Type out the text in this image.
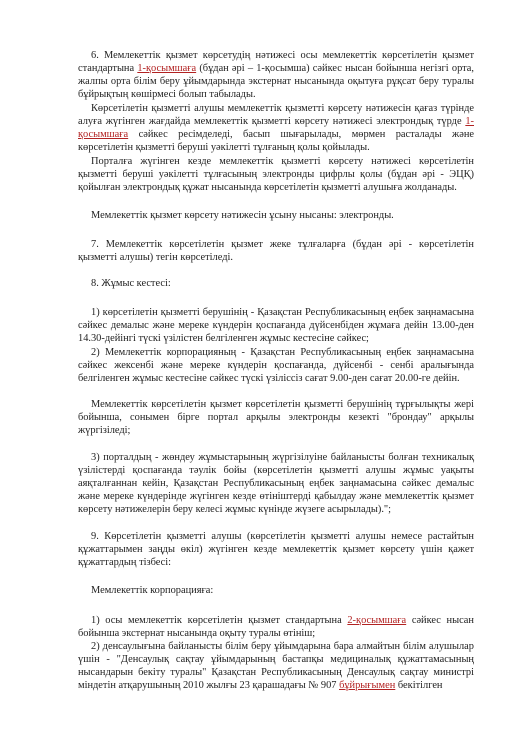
6. Мемлекеттік қызмет көрсетудің нәтижесі осы мемлекеттік көрсетілетін қызмет стандартына 1-қосымшаға (бұдан әрі – 1-қосымша) сәйкес нысан бойынша негізгі орта, жалпы орта білім беру ұйымдарында экстернат нысанында оқытуға рұқсат беру туралы бұйрықтың көшірмесі болып табылады.

Көрсетілетін қызметті алушы мемлекеттік қызметті көрсету нәтижесін қағаз түрінде алуға жүгінген жағдайда мемлекеттік қызметті көрсету нәтижесі электрондық түрде 1-қосымшаға сәйкес ресімделеді, басып шығарылады, мөрмен расталады және көрсетілетін қызметті беруші уәкілетті тұлғаның қолы қойылады.

Порталға жүгінген кезде мемлекеттік қызметті көрсету нәтижесі көрсетілетін қызметті беруші уәкілетті тұлғасының электронды цифрлы қолы (бұдан әрі - ЭЦҚ) қойылған электрондық құжат нысанында көрсетілетін қызметті алушыға жолданады.

Мемлекеттік қызмет көрсету нәтижесін ұсыну нысаны: электронды.

7. Мемлекеттік көрсетілетін қызмет жеке тұлғаларға (бұдан әрі - көрсетілетін қызметті алушы) тегін көрсетіледі.

8. Жұмыс кестесі:

1) көрсетілетін қызметті берушінің - Қазақстан Республикасының еңбек заңнамасына сәйкес демалыс және мереке күндерін қоспағанда дүйсенбіден жұмаға дейін 13.00-ден 14.30-дейінгі түскі үзілістен белгіленген жұмыс кестесіне сәйкес;

2) Мемлекеттік корпорацияның - Қазақстан Республикасының еңбек заңнамасына сәйкес жексенбі және мереке күндерін қоспағанда, дүйсенбі - сенбі аралығында белгіленген жұмыс кестесіне сәйкес түскі үзіліссіз сағат 9.00-ден сағат 20.00-ге дейін.

Мемлекеттік көрсетілетін қызмет көрсетілетін қызметті берушінің тұрғылықты жері бойынша, сонымен бірге портал арқылы электронды кезекті "брондау" арқылы жүргізіледі;

3) порталдың - жөндеу жұмыстарының жүргізілуіне байланысты болған техникалық үзілістерді қоспағанда тәулік бойы (көрсетілетін қызметті алушы жұмыс уақыты аяқталғаннан кейін, Қазақстан Республикасының еңбек заңнамасына сәйкес демалыс және мереке күндеріндe жүгінген кезде өтініштерді қабылдау және мемлекеттік қызмет көрсету нәтижелерін беру келесі жұмыс күнінде жүзеге асырылады).";

9. Көрсетілетін қызметті алушы (көрсетілетін қызметті алушы немесе растайтын құжаттарымен заңды өкіл) жүгінген кезде мемлекеттік қызмет көрсету үшін қажет құжаттардың тізбесі:

Мемлекеттік корпорацияға:

1) осы мемлекеттік көрсетілетін қызмет стандартына 2-қосымшаға сәйкес нысан бойынша экстернат нысанында оқыту туралы өтініш;

2) денсаулығына байланысты білім беру ұйымдарына бара алмайтын білім алушылар үшін - "Денсаулық сақтау ұйымдарының бастапқы медициналық құжаттамасының нысандарын бекіту туралы" Қазақстан Республикасының Денсаулық сақтау министрі міндетін атқарушының 2010 жылғы 23 қарашадағы № 907 бұйрығымен бекітілген
